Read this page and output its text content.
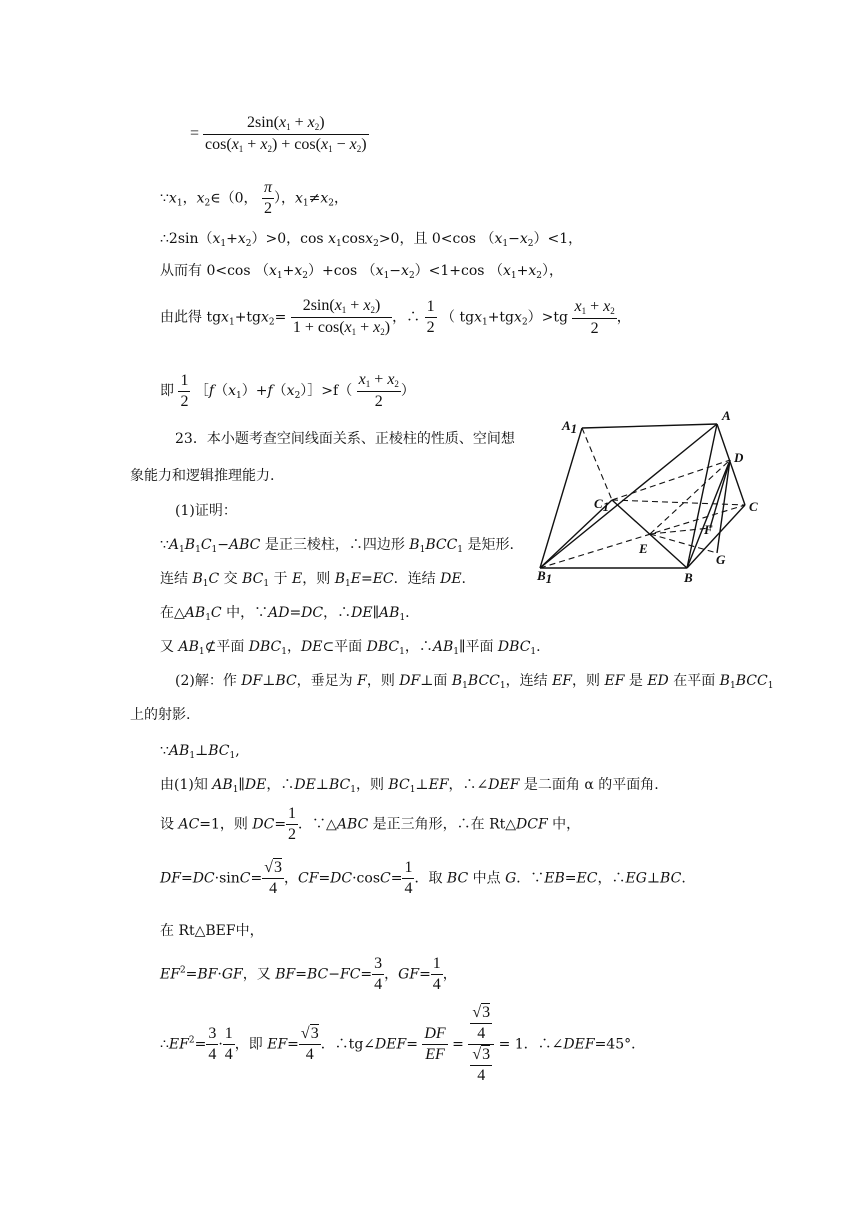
= $\frac{2\sin(x_1 + x_2)}{\cos(x_1 + x_2) + \cos(x_1 - x_2)}$
$\because x_1$，$x_2\in(0$， $\frac{\pi}{2}$ ），$x_1\ne x_2$，
$\therefore 2\sin(x_1+x_2)>0$，$\cos x_1\cos x_2>0$，且 0<cos $(x_1-x_2)<1$，
从而有 0<cos $(x_1+x_2)+\cos$ $(x_1-x_2)<1+\cos$ $(x_1+x_2)$，
由此得 $tgx_1+tgx_2= \frac{2\sin(x_1 + x_2)}{1 + \cos(x_1 + x_2)}$ ，∴ $\frac{1}{2}$ （ $tgx_1+tgx_2)>tg \frac{x_1 + x_2}{2}$ ，
即 $\frac{1}{2}$ $[f(x_1)+f(x_2)]>f( \frac{x_1 + x_2}{2}$ ）
23．本小题考查空间线面关系、正棱柱的性质、空间想
象能力和逻辑推理能力.
(1)证明：
$\because A_1B_1C_1-ABC$ 是正三棱柱，∴四边形 $B_1BCC_1$ 是矩形.
连结 $B_1C$ 交 $BC_1$ 于 E，则 $B_1E=EC$．连结 DE.
在$\triangle AB_1C$ 中，∵AD=DC，$\therefore DE\parallel AB_1$.
又 $AB_1⊄$平面 $DBC_1$，DE⊂平面 $DBC_1$，$\therefore AB_1\parallel$平面 $DBC_1$.
(2)解：作 DF⊥BC，垂足为 F，则 DF⊥面 $B_1BCC_1$，连结 EF，则 EF 是 ED 在平面 $B_1BCC_1$
上的射影.
$\because AB_1\perp BC_1$,
由(1)知 $AB_1\parallel DE$，$\therefore DE\perp BC_1$，则 $BC_1\perp EF$，∴∠DEF 是二面角 α 的平面角.
设 AC=1，则 $DC= \frac{1}{2}$ ．∵△ABC 是正三角形，∴在 Rt△DCF 中，
$DF=DC\cdot\sin C= \frac{√3}{4}$ ，$CF=DC\cdot\cos C= \frac{1}{4}$ ．取 BC 中点 G．∵EB=EC，∴EG⊥BC.
在 Rt△BEF中，
$EF^2=BF\cdot GF$，又 $BF=BC-FC= \frac{3}{4}$ ，$GF= \frac{1}{4}$ ，
$\therefore EF^2= \frac{3}{4} \cdot \frac{1}{4}$ ，即 $EF= \frac{√3}{4}$ ．∴tg∠DEF= $\frac{DF}{EF} = \frac{\frac{√3}{4}}{\frac{√3}{4}} = 1$．∴∠DEF=45°．
A1
A
D
C1	C
F
E
G
B1	B
